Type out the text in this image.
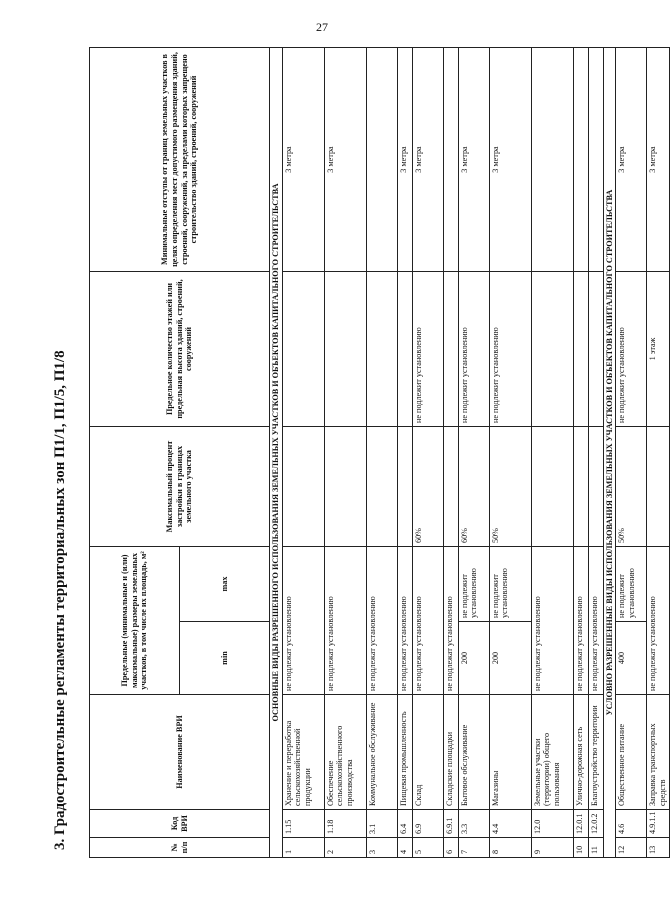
27
3. Градостроительные регламенты территориальных зон П1/1, П1/5, П1/8	№ п/п	Код ВРИ	Наименование ВРИ	Предельные (минимальные и (или) максимальные) размеры земельных участков, в том числе их площадь, м²		Максимальный процент застройки в границах земельного участка	Предельное количество этажей или предельная высота зданий, строений, сооружений	Минимальные отступы от границ земельных участков в целях определения мест допустимого размещения зданий, строений, сооружений, за пределами которых запрещено строительство зданий, строений, сооружений
			min	max			
ОСНОВНЫЕ ВИДЫ РАЗРЕШЕННОГО ИСПОЛЬЗОВАНИЯ ЗЕМЕЛЬНЫХ УЧАСТКОВ И ОБЪЕКТОВ КАПИТАЛЬНОГО СТРОИТЕЛЬСТВА							
1	1.15	Хранение и переработка сельскохозяйственной продукции	не подлежат установлению				3 метра
2	1.18	Обеспечение сельскохозяйственного производства	не подлежат установлению				3 метра
3	3.1	Коммунальное обслуживание	не подлежат установлению				
4	6.4	Пищевая промышленность	не подлежат установлению				3 метра
5	6.9	Склад	не подлежат установлению		60%	не подлежит установлению	3 метра
6	6.9.1	Складские площадки	не подлежат установлению				
7	3.3	Бытовое обслуживание	200	не подлежит установлению	60%	не подлежит установлению	3 метра
8	4.4	Магазины	200	не подлежит установлению	50%	не подлежит установлению	3 метра
9	12.0	Земельные участки (территории) общего пользования	не подлежат установлению				
10	12.0.1	Улично-дорожная сеть	не подлежат установлению				
11	12.0.2	Благоустройство территории	не подлежат установлению				
УСЛОВНО РАЗРЕШЕННЫЕ ВИДЫ ИСПОЛЬЗОВАНИЯ ЗЕМЕЛЬНЫХ УЧАСТКОВ И ОБЪЕКТОВ КАПИТАЛЬНОГО СТРОИТЕЛЬСТВА							
12	4.6	Общественное питание	400	не подлежит установлению	50%	не подлежит установлению	3 метра
13	4.9.1.1	Заправка транспортных средств	не подлежат установлению			1 этаж	3 метра
